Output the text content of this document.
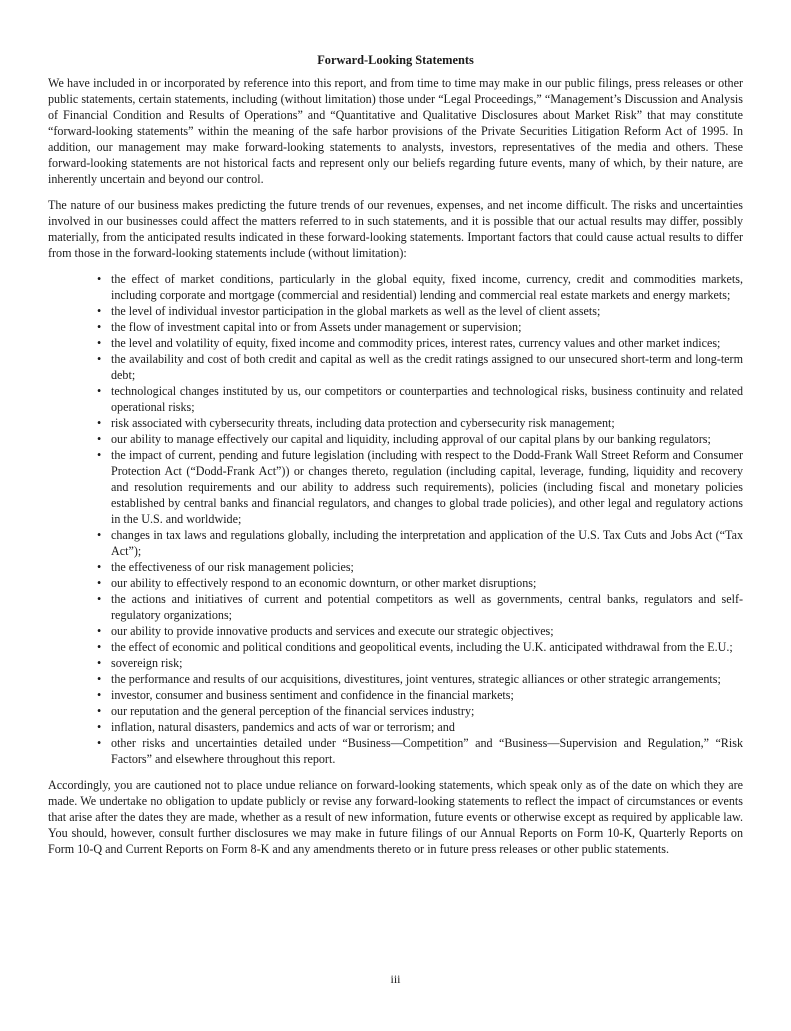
Forward-Looking Statements

We have included in or incorporated by reference into this report, and from time to time may make in our public filings, press releases or other public statements, certain statements, including (without limitation) those under “Legal Proceedings,” “Management’s Discussion and Analysis of Financial Condition and Results of Operations” and “Quantitative and Qualitative Disclosures about Market Risk” that may constitute “forward-looking statements” within the meaning of the safe harbor provisions of the Private Securities Litigation Reform Act of 1995. In addition, our management may make forward-looking statements to analysts, investors, representatives of the media and others. These forward-looking statements are not historical facts and represent only our beliefs regarding future events, many of which, by their nature, are inherently uncertain and beyond our control.

The nature of our business makes predicting the future trends of our revenues, expenses, and net income difficult. The risks and uncertainties involved in our businesses could affect the matters referred to in such statements, and it is possible that our actual results may differ, possibly materially, from the anticipated results indicated in these forward-looking statements. Important factors that could cause actual results to differ from those in the forward-looking statements include (without limitation):

• the effect of market conditions, particularly in the global equity, fixed income, currency, credit and commodities markets, including corporate and mortgage (commercial and residential) lending and commercial real estate markets and energy markets;
• the level of individual investor participation in the global markets as well as the level of client assets;
• the flow of investment capital into or from Assets under management or supervision;
• the level and volatility of equity, fixed income and commodity prices, interest rates, currency values and other market indices;
• the availability and cost of both credit and capital as well as the credit ratings assigned to our unsecured short-term and long-term debt;
• technological changes instituted by us, our competitors or counterparties and technological risks, business continuity and related operational risks;
• risk associated with cybersecurity threats, including data protection and cybersecurity risk management;
• our ability to manage effectively our capital and liquidity, including approval of our capital plans by our banking regulators;
• the impact of current, pending and future legislation (including with respect to the Dodd-Frank Wall Street Reform and Consumer Protection Act (“Dodd-Frank Act”)) or changes thereto, regulation (including capital, leverage, funding, liquidity and recovery and resolution requirements and our ability to address such requirements), policies (including fiscal and monetary policies established by central banks and financial regulators, and changes to global trade policies), and other legal and regulatory actions in the U.S. and worldwide;
• changes in tax laws and regulations globally, including the interpretation and application of the U.S. Tax Cuts and Jobs Act (“Tax Act”);
• the effectiveness of our risk management policies;
• our ability to effectively respond to an economic downturn, or other market disruptions;
• the actions and initiatives of current and potential competitors as well as governments, central banks, regulators and self-regulatory organizations;
• our ability to provide innovative products and services and execute our strategic objectives;
• the effect of economic and political conditions and geopolitical events, including the U.K. anticipated withdrawal from the E.U.;
• sovereign risk;
• the performance and results of our acquisitions, divestitures, joint ventures, strategic alliances or other strategic arrangements;
• investor, consumer and business sentiment and confidence in the financial markets;
• our reputation and the general perception of the financial services industry;
• inflation, natural disasters, pandemics and acts of war or terrorism; and
• other risks and uncertainties detailed under “Business—Competition” and “Business—Supervision and Regulation,” “Risk Factors” and elsewhere throughout this report.

Accordingly, you are cautioned not to place undue reliance on forward-looking statements, which speak only as of the date on which they are made. We undertake no obligation to update publicly or revise any forward-looking statements to reflect the impact of circumstances or events that arise after the dates they are made, whether as a result of new information, future events or otherwise except as required by applicable law. You should, however, consult further disclosures we may make in future filings of our Annual Reports on Form 10-K, Quarterly Reports on Form 10-Q and Current Reports on Form 8-K and any amendments thereto or in future press releases or other public statements.

iii
